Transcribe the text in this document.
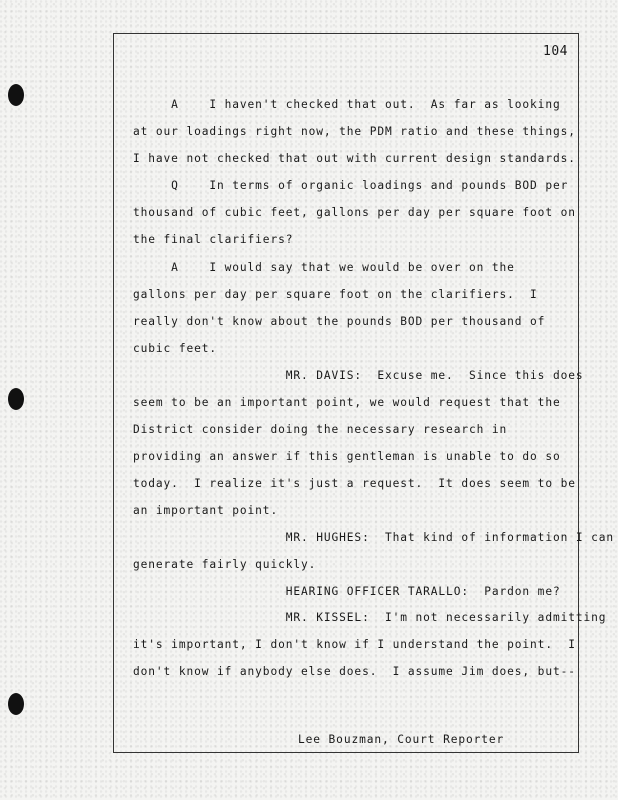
104
A    I haven't checked that out.  As far as looking
at our loadings right now, the PDM ratio and these things,
I have not checked that out with current design standards.
Q    In terms of organic loadings and pounds BOD per
thousand of cubic feet, gallons per day per square foot on
the final clarifiers?
A    I would say that we would be over on the
gallons per day per square foot on the clarifiers.  I
really don't know about the pounds BOD per thousand of
cubic feet.
MR. DAVIS:  Excuse me.  Since this does
seem to be an important point, we would request that the
District consider doing the necessary research in
providing an answer if this gentleman is unable to do so
today.  I realize it's just a request.  It does seem to be
an important point.
MR. HUGHES:  That kind of information I can
generate fairly quickly.
HEARING OFFICER TARALLO:  Pardon me?
MR. KISSEL:  I'm not necessarily admitting
it's important, I don't know if I understand the point.  I
don't know if anybody else does.  I assume Jim does, but--
Lee Bouzman, Court Reporter
